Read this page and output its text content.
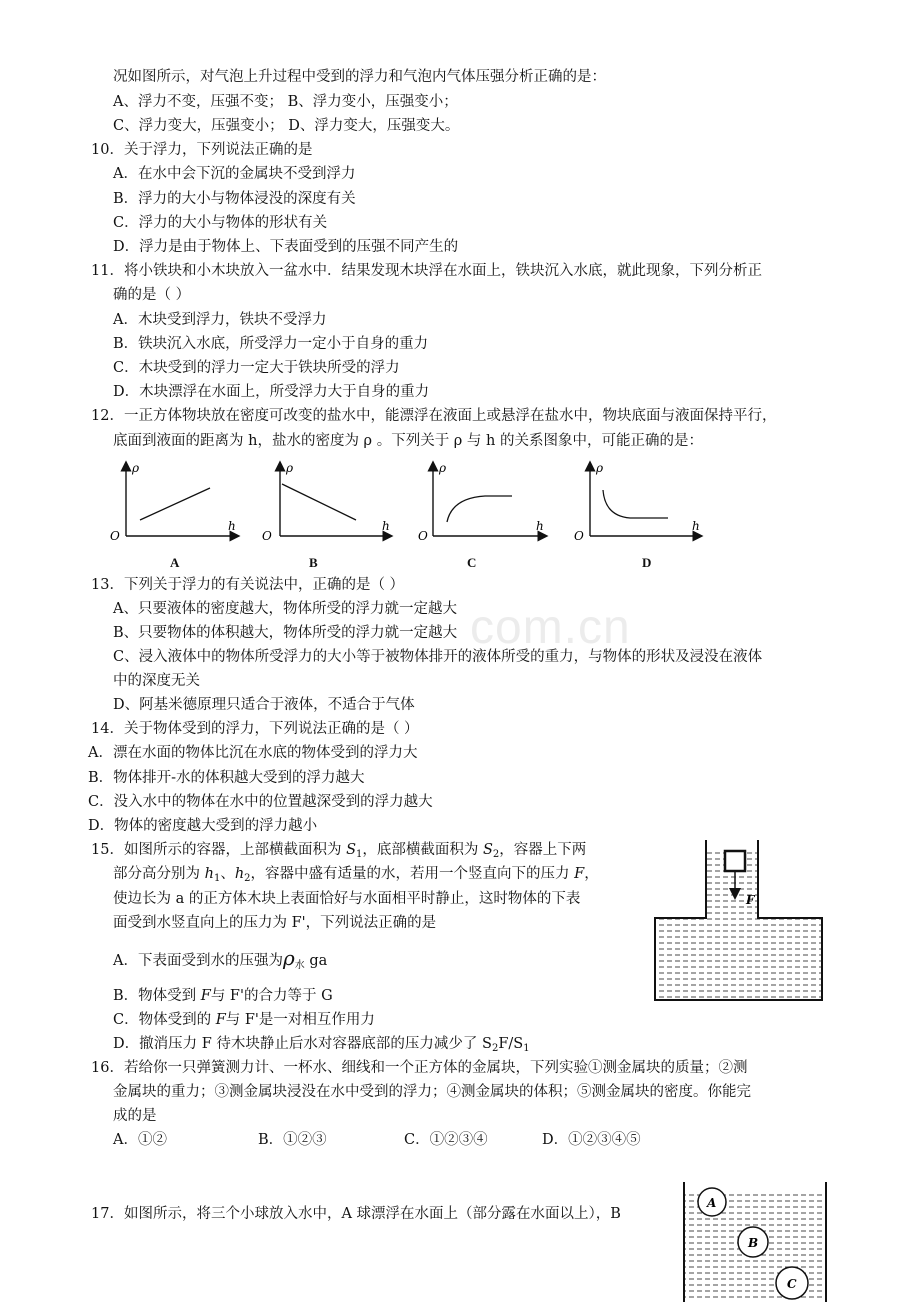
com.cn
况如图所示，对气泡上升过程中受到的浮力和气泡内气体压强分析正确的是：
A、浮力不变，压强不变； B、浮力变小，压强变小；
C、浮力变大，压强变小； D、浮力变大，压强变大。
10．关于浮力，下列说法正确的是
A．在水中会下沉的金属块不受到浮力
B．浮力的大小与物体浸没的深度有关
C．浮力的大小与物体的形状有关
D．浮力是由于物体上、下表面受到的压强不同产生的
11．将小铁块和小木块放入一盆水中．结果发现木块浮在水面上，铁块沉入水底，就此现象，下列分析正
确的是（ ）
A．木块受到浮力，铁块不受浮力
B．铁块沉入水底，所受浮力一定小于自身的重力
C．木块受到的浮力一定大于铁块所受的浮力
D．木块漂浮在水面上，所受浮力大于自身的重力
12．一正方体物块放在密度可改变的盐水中，能漂浮在液面上或悬浮在盐水中，物块底面与液面保持平行，
底面到液面的距离为 h，盐水的密度为 ρ 。下列关于 ρ 与 h 的关系图象中，可能正确的是：
ρ
h
O
ρ
h
O
ρ
h
O
ρ
h
O
A	B	C	D
13．下列关于浮力的有关说法中，正确的是（ ）
A、只要液体的密度越大，物体所受的浮力就一定越大
B、只要物体的体积越大，物体所受的浮力就一定越大
C、浸入液体中的物体所受浮力的大小等于被物体排开的液体所受的重力，与物体的形状及浸没在液体
中的深度无关
D、阿基米德原理只适合于液体，不适合于气体
14．关于物体受到的浮力，下列说法正确的是（ ）
A．漂在水面的物体比沉在水底的物体受到的浮力大
B．物体排开-水的体积越大受到的浮力越大
C．没入水中的物体在水中的位置越深受到的浮力越大
D．物体的密度越大受到的浮力越小
15．如图所示的容器，上部横截面积为 $S_1$，底部横截面积为 $S_2$，容器上下两
部分高分别为 $h_1$、$h_2$，容器中盛有适量的水，若用一个竖直向下的压力 F，
使边长为 a 的正方体木块上表面恰好与水面相平时静止，这时物体的下表
面受到水竖直向上的压力为 F'，下列说法正确的是
A．下表面受到水的压强为$\rho_水$ ga
B．物体受到 F与 F'的合力等于 G
C．物体受到的 F与 F'是一对相互作用力
D．撤消压力 F 待木块静止后水对容器底部的压力减少了 $S_2F/S_1$
F
16．若给你一只弹簧测力计、一杯水、细线和一个正方体的金属块，下列实验①测金属块的质量；②测
金属块的重力；③测金属块浸没在水中受到的浮力；④测金属块的体积；⑤测金属块的密度。你能完
成的是
A．①②	B．①②③	C．①②③④	D．①②③④⑤
17．如图所示，将三个小球放入水中，A 球漂浮在水面上（部分露在水面以上），B
A
B
C
